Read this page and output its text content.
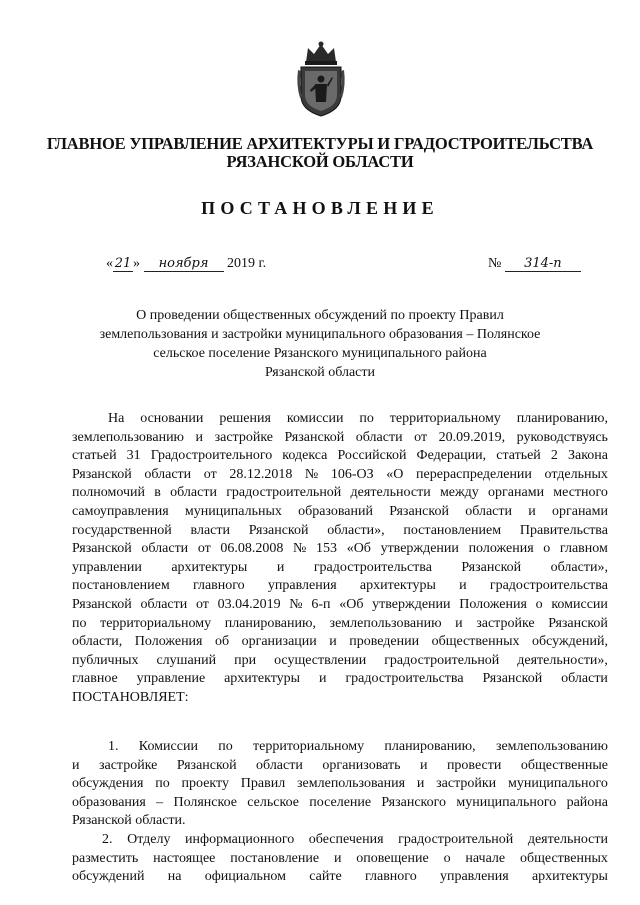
ГЛАВНОЕ УПРАВЛЕНИЕ АРХИТЕКТУРЫ И ГРАДОСТРОИТЕЛЬСТВА
РЯЗАНСКОЙ ОБЛАСТИ
ПОСТАНОВЛЕНИЕ
« 21 » ноября 2019 г.	№ 314-п
О проведении общественных обсуждений по проекту Правил
землепользования и застройки муниципального образования – Полянское
сельское поселение Рязанского муниципального района
Рязанской области
На основании решения комиссии по территориальному планированию,
землепользованию и застройке Рязанской области от 20.09.2019, руководствуясь
статьей 31 Градостроительного кодекса Российской Федерации, статьей 2 Закона
Рязанской области от 28.12.2018 № 106-ОЗ «О перераспределении отдельных
полномочий в области градостроительной деятельности между органами местного
самоуправления муниципальных образований Рязанской области и органами
государственной власти Рязанской области», постановлением Правительства
Рязанской области от 06.08.2008 № 153 «Об утверждении положения о главном
управлении архитектуры и градостроительства Рязанской области»,
постановлением главного управления архитектуры и градостроительства
Рязанской области от 03.04.2019 № 6-п «Об утверждении Положения о комиссии
по территориальному планированию, землепользованию и застройке Рязанской
области, Положения об организации и проведении общественных обсуждений,
публичных слушаний при осуществлении градостроительной деятельности»,
главное управление архитектуры и градостроительства Рязанской области
ПОСТАНОВЛЯЕТ:
1. Комиссии по территориальному планированию, землепользованию
и застройке Рязанской области организовать и провести общественные
обсуждения по проекту Правил землепользования и застройки муниципального
образования – Полянское сельское поселение Рязанского муниципального района
Рязанской области.
2. Отделу информационного обеспечения градостроительной деятельности
разместить настоящее постановление и оповещение о начале общественных
обсуждений на официальном сайте главного управления архитектуры
